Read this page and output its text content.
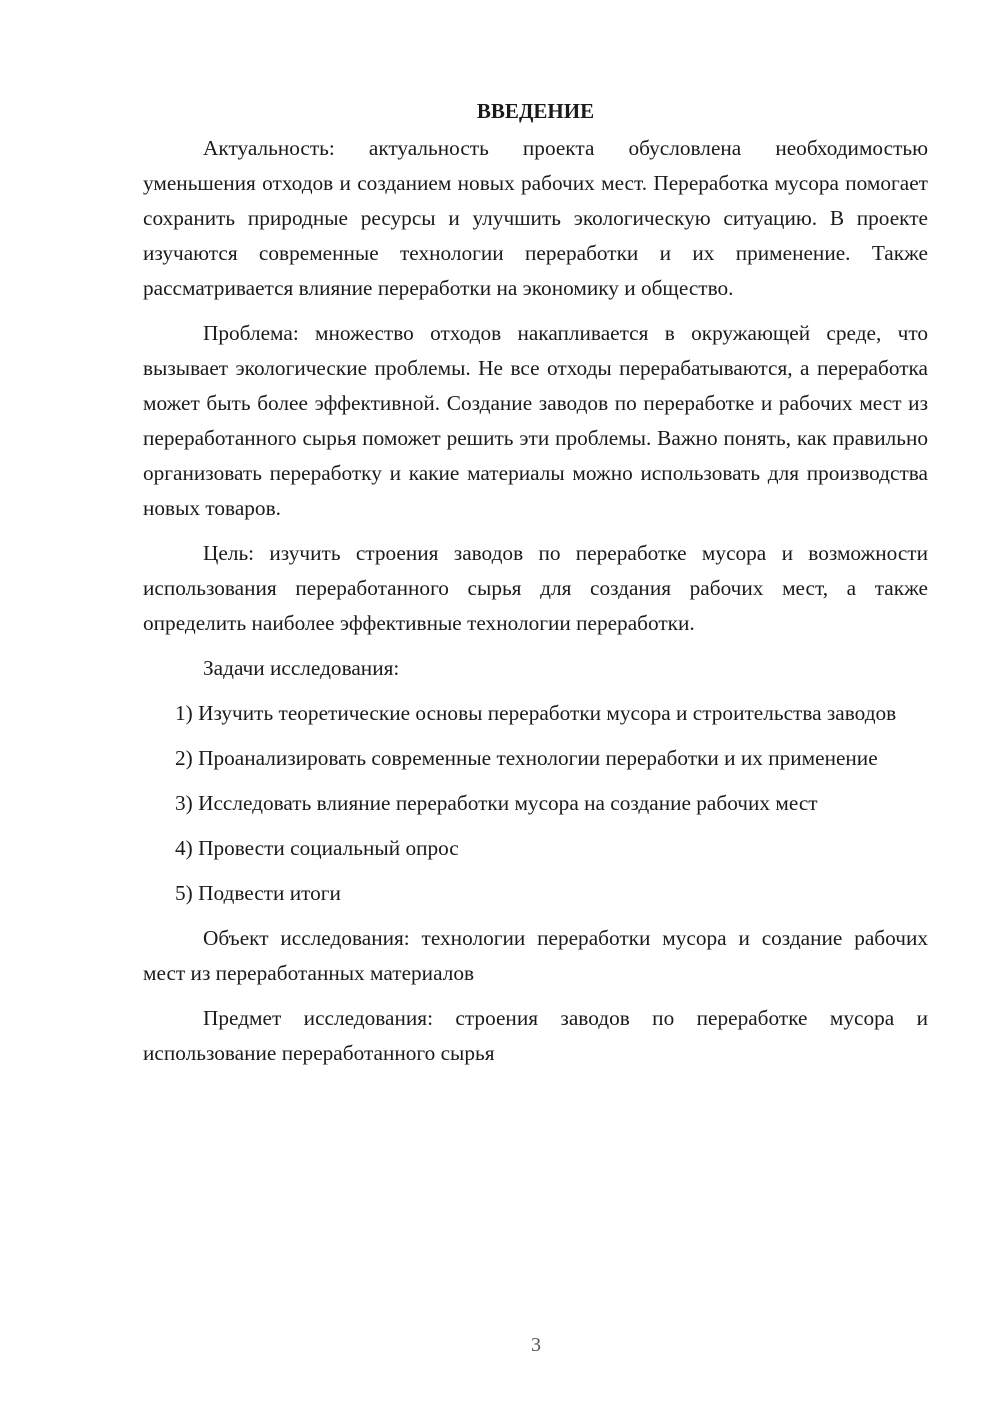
ВВЕДЕНИЕ

Актуальность: актуальность проекта обусловлена необходимостью уменьшения отходов и созданием новых рабочих мест. Переработка мусора помогает сохранить природные ресурсы и улучшить экологическую ситуацию. В проекте изучаются современные технологии переработки и их применение. Также рассматривается влияние переработки на экономику и общество.

Проблема: множество отходов накапливается в окружающей среде, что вызывает экологические проблемы. Не все отходы перерабатываются, а переработка может быть более эффективной. Создание заводов по переработке и рабочих мест из переработанного сырья поможет решить эти проблемы. Важно понять, как правильно организовать переработку и какие материалы можно использовать для производства новых товаров.

Цель: изучить строения заводов по переработке мусора и возможности использования переработанного сырья для создания рабочих мест, а также определить наиболее эффективные технологии переработки.

Задачи исследования:

1) Изучить теоретические основы переработки мусора и строительства заводов

2) Проанализировать современные технологии переработки и их применение

3) Исследовать влияние переработки мусора на создание рабочих мест

4) Провести социальный опрос

5) Подвести итоги

Объект исследования: технологии переработки мусора и создание рабочих мест из переработанных материалов

Предмет исследования: строения заводов по переработке мусора и использование переработанного сырья

3
